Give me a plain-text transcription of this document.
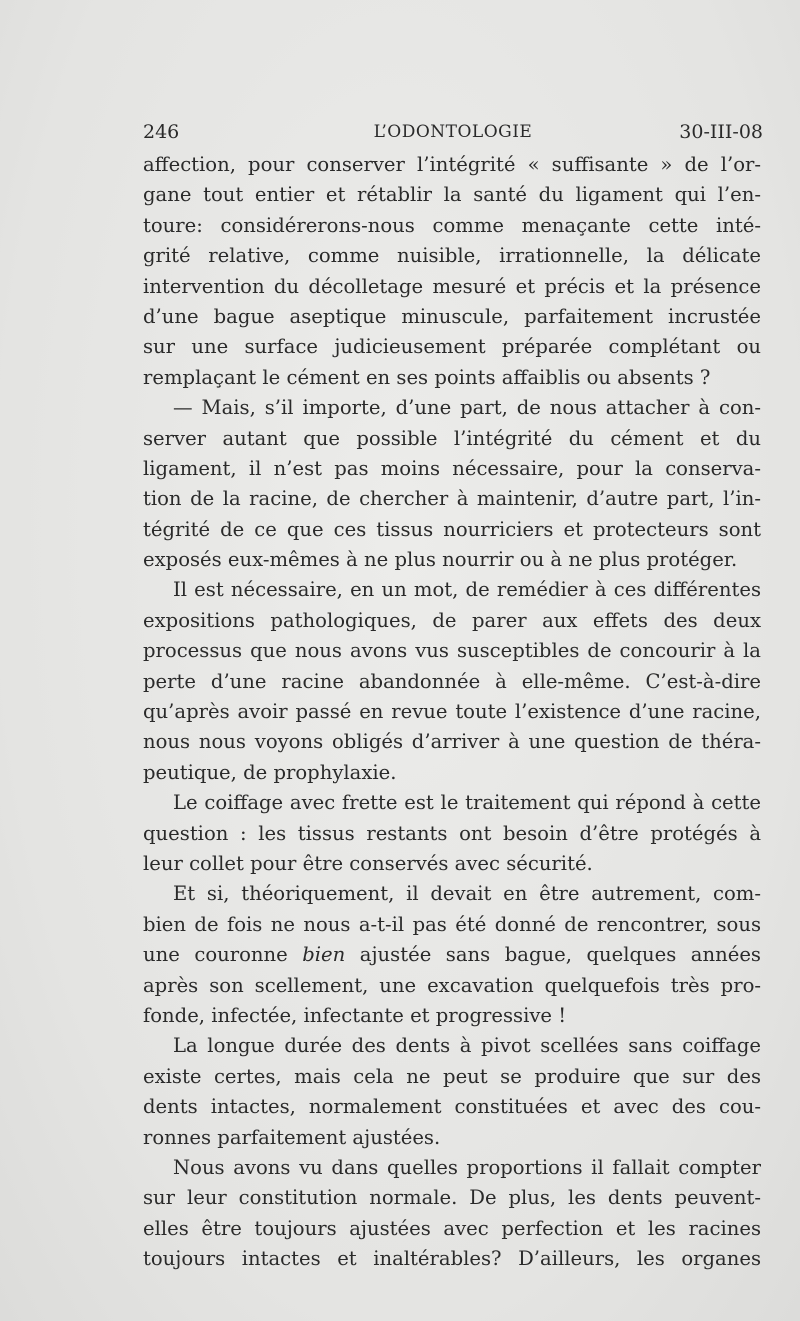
246	L’ODONTOLOGIE	30-III-08
affection, pour conserver l’intégrité « suffisante » de l’or-
gane tout entier et rétablir la santé du ligament qui l’en-
toure: considérerons-nous comme menaçante cette inté-
grité relative, comme nuisible, irrationnelle, la délicate
intervention du décolletage mesuré et précis et la présence
d’une bague aseptique minuscule, parfaitement incrustée
sur une surface judicieusement préparée complétant ou
remplaçant le cément en ses points affaiblis ou absents ?
— Mais, s’il importe, d’une part, de nous attacher à con-
server autant que possible l’intégrité du cément et du
ligament, il n’est pas moins nécessaire, pour la conserva-
tion de la racine, de chercher à maintenir, d’autre part, l’in-
tégrité de ce que ces tissus nourriciers et protecteurs sont
exposés eux-mêmes à ne plus nourrir ou à ne plus protéger.
Il est nécessaire, en un mot, de remédier à ces différentes
expositions pathologiques, de parer aux effets des deux
processus que nous avons vus susceptibles de concourir à la
perte d’une racine abandonnée à elle-même. C’est-à-dire
qu’après avoir passé en revue toute l’existence d’une racine,
nous nous voyons obligés d’arriver à une question de théra-
peutique, de prophylaxie.
Le coiffage avec frette est le traitement qui répond à cette
question : les tissus restants ont besoin d’être protégés à
leur collet pour être conservés avec sécurité.
Et si, théoriquement, il devait en être autrement, com-
bien de fois ne nous a-t-il pas été donné de rencontrer, sous
une couronne bien ajustée sans bague, quelques années
après son scellement, une excavation quelquefois très pro-
fonde, infectée, infectante et progressive !
La longue durée des dents à pivot scellées sans coiffage
existe certes, mais cela ne peut se produire que sur des
dents intactes, normalement constituées et avec des cou-
ronnes parfaitement ajustées.
Nous avons vu dans quelles proportions il fallait compter
sur leur constitution normale. De plus, les dents peuvent-
elles être toujours ajustées avec perfection et les racines
toujours intactes et inaltérables? D’ailleurs, les organes
